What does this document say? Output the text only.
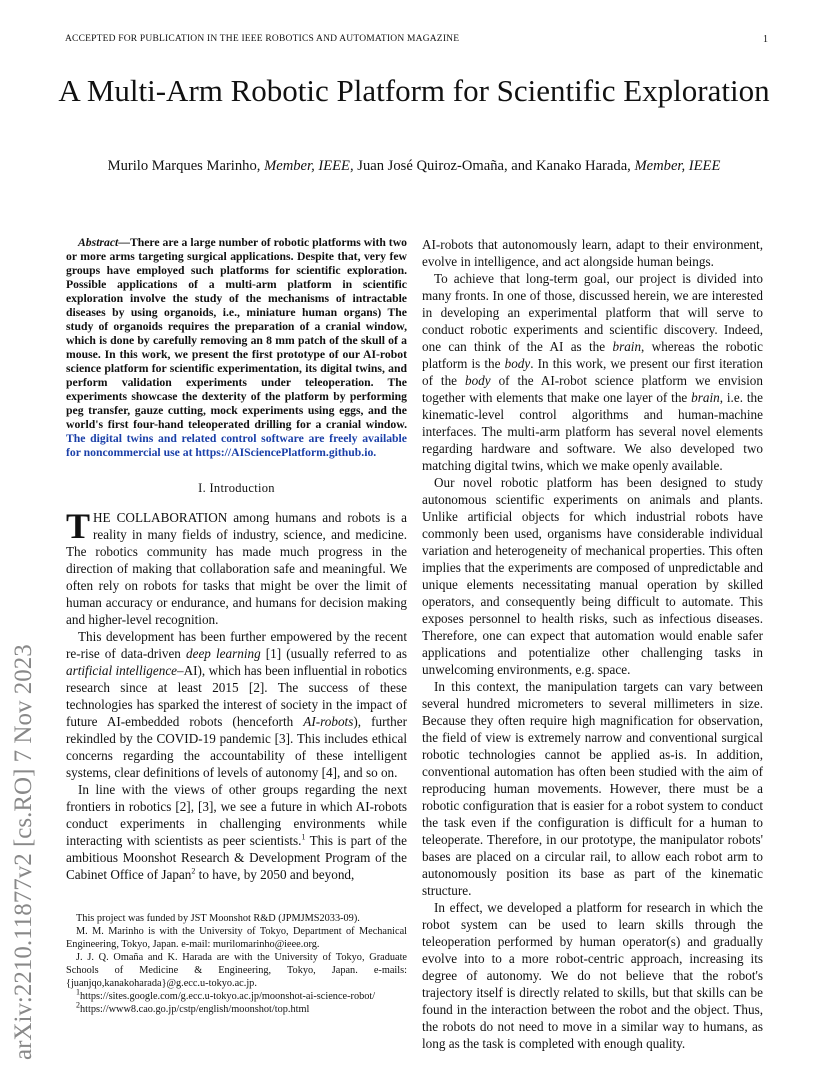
ACCEPTED FOR PUBLICATION IN THE IEEE ROBOTICS AND AUTOMATION MAGAZINE	1
A Multi-Arm Robotic Platform for Scientific Exploration
Murilo Marques Marinho, Member, IEEE, Juan José Quiroz-Omaña, and Kanako Harada, Member, IEEE
arXiv:2210.11877v2 [cs.RO] 7 Nov 2023

Abstract—There are a large number of robotic platforms with two or more arms targeting surgical applications. Despite that, very few groups have employed such platforms for scientific exploration. Possible applications of a multi-arm platform in scientific exploration involve the study of the mechanisms of intractable diseases by using organoids, i.e., miniature human organs) The study of organoids requires the preparation of a cranial window, which is done by carefully removing an 8 mm patch of the skull of a mouse. In this work, we present the first prototype of our AI-robot science platform for scientific experimentation, its digital twins, and perform validation experiments under teleoperation. The experiments showcase the dexterity of the platform by performing peg transfer, gauze cutting, mock experiments using eggs, and the world's first four-hand teleoperated drilling for a cranial window. The digital twins and related control software are freely available for noncommercial use at https://AISciencePlatform.github.io.

I. Introduction

THE COLLABORATION among humans and robots is a reality in many fields of industry, science, and medicine. The robotics community has made much progress in the direction of making that collaboration safe and meaningful. We often rely on robots for tasks that might be over the limit of human accuracy or endurance, and humans for decision making and higher-level recognition.

This development has been further empowered by the recent re-rise of data-driven deep learning [1] (usually referred to as artificial intelligence–AI), which has been influential in robotics research since at least 2015 [2]. The success of these technologies has sparked the interest of society in the impact of future AI-embedded robots (henceforth AI-robots), further rekindled by the COVID-19 pandemic [3]. This includes ethical concerns regarding the accountability of these intelligent systems, clear definitions of levels of autonomy [4], and so on.

In line with the views of other groups regarding the next frontiers in robotics [2], [3], we see a future in which AI-robots conduct experiments in challenging environments while interacting with scientists as peer scientists.$^1$ This is part of the ambitious Moonshot Research & Development Program of the Cabinet Office of Japan$^2$ to have, by 2050 and beyond,

This project was funded by JST Moonshot R&D (JPMJMS2033-09).

M. M. Marinho is with the University of Tokyo, Department of Mechanical Engineering, Tokyo, Japan. e-mail: murilomarinho@ieee.org.

J. J. Q. Omaña and K. Harada are with the University of Tokyo, Graduate Schools of Medicine & Engineering, Tokyo, Japan. e-mails: {juanjqo,kanakoharada}@g.ecc.u-tokyo.ac.jp.

$^1$https://sites.google.com/g.ecc.u-tokyo.ac.jp/moonshot-ai-science-robot/

$^2$https://www8.cao.go.jp/cstp/english/moonshot/top.html

AI-robots that autonomously learn, adapt to their environment, evolve in intelligence, and act alongside human beings.

To achieve that long-term goal, our project is divided into many fronts. In one of those, discussed herein, we are interested in developing an experimental platform that will serve to conduct robotic experiments and scientific discovery. Indeed, one can think of the AI as the brain, whereas the robotic platform is the body. In this work, we present our first iteration of the body of the AI-robot science platform we envision together with elements that make one layer of the brain, i.e. the kinematic-level control algorithms and human-machine interfaces. The multi-arm platform has several novel elements regarding hardware and software. We also developed two matching digital twins, which we make openly available.

Our novel robotic platform has been designed to study autonomous scientific experiments on animals and plants. Unlike artificial objects for which industrial robots have commonly been used, organisms have considerable individual variation and heterogeneity of mechanical properties. This often implies that the experiments are composed of unpredictable and unique elements necessitating manual operation by skilled operators, and consequently being difficult to automate. This exposes personnel to health risks, such as infectious diseases. Therefore, one can expect that automation would enable safer applications and potentialize other challenging tasks in unwelcoming environments, e.g. space.

In this context, the manipulation targets can vary between several hundred micrometers to several millimeters in size. Because they often require high magnification for observation, the field of view is extremely narrow and conventional surgical robotic technologies cannot be applied as-is. In addition, conventional automation has often been studied with the aim of reproducing human movements. However, there must be a robotic configuration that is easier for a robot system to conduct the task even if the configuration is difficult for a human to teleoperate. Therefore, in our prototype, the manipulator robots' bases are placed on a circular rail, to allow each robot arm to autonomously position its base as part of the kinematic structure.

In effect, we developed a platform for research in which the robot system can be used to learn skills through the teleoperation performed by human operator(s) and gradually evolve into to a more robot-centric approach, increasing its degree of autonomy. We do not believe that the robot's trajectory itself is directly related to skills, but that skills can be found in the interaction between the robot and the object. Thus, the robots do not need to move in a similar way to humans, as long as the task is completed with enough quality.
